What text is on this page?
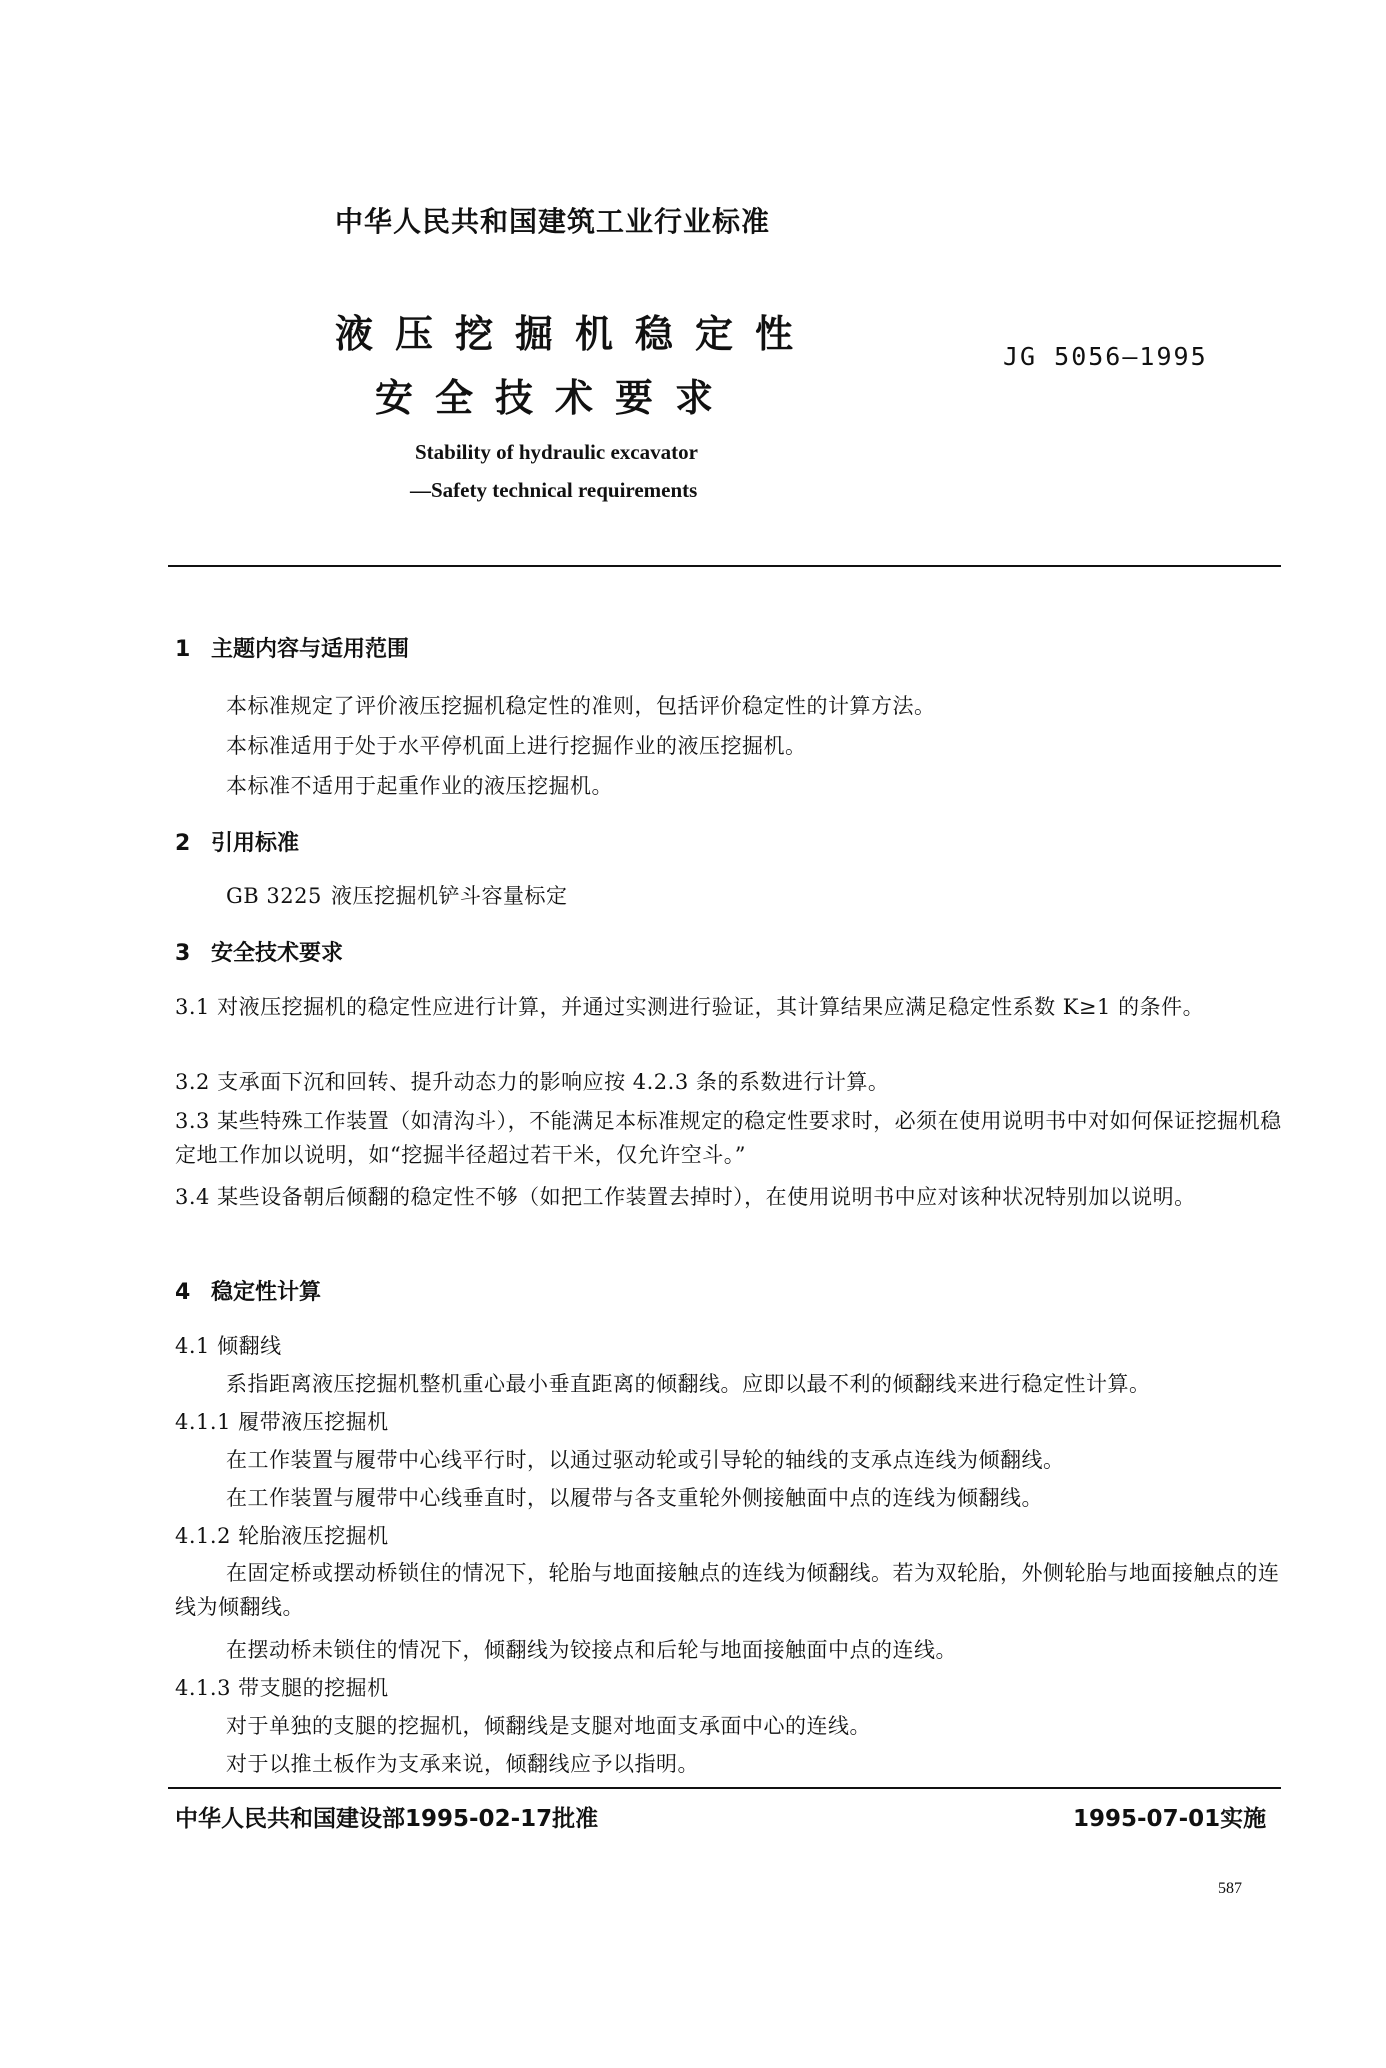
中华人民共和国建筑工业行业标准
液压挖掘机稳定性
安全技术要求
JG 5056—1995
Stability of hydraulic excavator
—Safety technical requirements
1 主题内容与适用范围
本标准规定了评价液压挖掘机稳定性的准则，包括评价稳定性的计算方法。
本标准适用于处于水平停机面上进行挖掘作业的液压挖掘机。
本标准不适用于起重作业的液压挖掘机。
2 引用标准
GB 3225 液压挖掘机铲斗容量标定
3 安全技术要求
3.1 对液压挖掘机的稳定性应进行计算，并通过实测进行验证，其计算结果应满足稳定性系数 K≥1 的条件。
3.2 支承面下沉和回转、提升动态力的影响应按 4.2.3 条的系数进行计算。
3.3 某些特殊工作装置（如清沟斗），不能满足本标准规定的稳定性要求时，必须在使用说明书中对如何保证挖掘机稳定地工作加以说明，如“挖掘半径超过若干米，仅允许空斗。”
3.4 某些设备朝后倾翻的稳定性不够（如把工作装置去掉时），在使用说明书中应对该种状况特别加以说明。
4 稳定性计算
4.1 倾翻线
系指距离液压挖掘机整机重心最小垂直距离的倾翻线。应即以最不利的倾翻线来进行稳定性计算。
4.1.1 履带液压挖掘机
在工作装置与履带中心线平行时，以通过驱动轮或引导轮的轴线的支承点连线为倾翻线。
在工作装置与履带中心线垂直时，以履带与各支重轮外侧接触面中点的连线为倾翻线。
4.1.2 轮胎液压挖掘机
在固定桥或摆动桥锁住的情况下，轮胎与地面接触点的连线为倾翻线。若为双轮胎，外侧轮胎与地面接触点的连线为倾翻线。
在摆动桥未锁住的情况下，倾翻线为铰接点和后轮与地面接触面中点的连线。
4.1.3 带支腿的挖掘机
对于单独的支腿的挖掘机，倾翻线是支腿对地面支承面中心的连线。
对于以推土板作为支承来说，倾翻线应予以指明。
中华人民共和国建设部1995-02-17批准	1995-07-01实施
587
